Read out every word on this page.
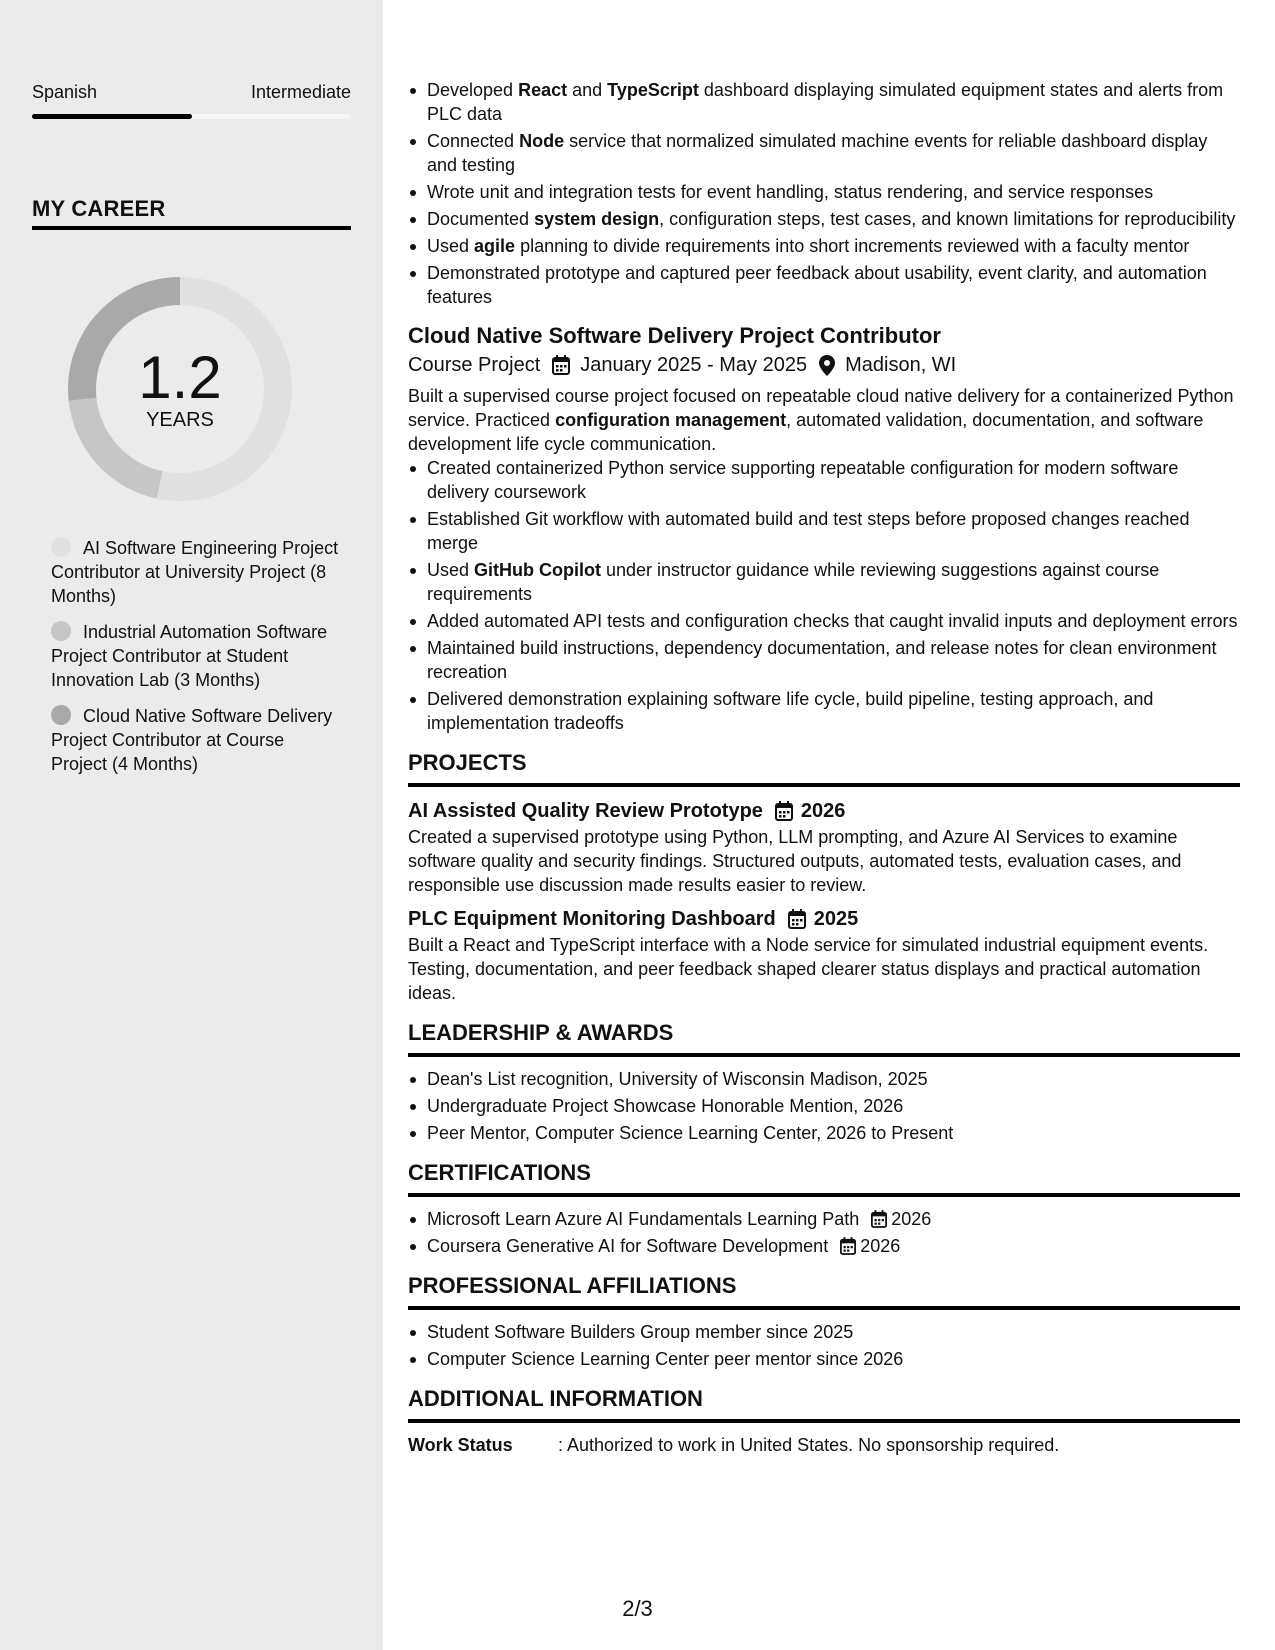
Spanish	Intermediate
MY CAREER
1.2
YEARS
AI Software Engineering Project Contributor at University Project (8 Months)
Industrial Automation Software Project Contributor at Student Innovation Lab (3 Months)
Cloud Native Software Delivery Project Contributor at Course Project (4 Months)
Developed React and TypeScript dashboard displaying simulated equipment states and alerts from PLC data
Connected Node service that normalized simulated machine events for reliable dashboard display and testing
Wrote unit and integration tests for event handling, status rendering, and service responses
Documented system design, configuration steps, test cases, and known limitations for reproducibility
Used agile planning to divide requirements into short increments reviewed with a faculty mentor
Demonstrated prototype and captured peer feedback about usability, event clarity, and automation features
Cloud Native Software Delivery Project Contributor
Course Project January 2025 - May 2025 Madison, WI
Built a supervised course project focused on repeatable cloud native delivery for a containerized Python service. Practiced configuration management, automated validation, documentation, and software development life cycle communication.
Created containerized Python service supporting repeatable configuration for modern software delivery coursework
Established Git workflow with automated build and test steps before proposed changes reached merge
Used GitHub Copilot under instructor guidance while reviewing suggestions against course requirements
Added automated API tests and configuration checks that caught invalid inputs and deployment errors
Maintained build instructions, dependency documentation, and release notes for clean environment recreation
Delivered demonstration explaining software life cycle, build pipeline, testing approach, and implementation tradeoffs
PROJECTS
AI Assisted Quality Review Prototype 2026
Created a supervised prototype using Python, LLM prompting, and Azure AI Services to examine software quality and security findings. Structured outputs, automated tests, evaluation cases, and responsible use discussion made results easier to review.
PLC Equipment Monitoring Dashboard 2025
Built a React and TypeScript interface with a Node service for simulated industrial equipment events. Testing, documentation, and peer feedback shaped clearer status displays and practical automation ideas.
LEADERSHIP & AWARDS
Dean's List recognition, University of Wisconsin Madison, 2025
Undergraduate Project Showcase Honorable Mention, 2026
Peer Mentor, Computer Science Learning Center, 2026 to Present
CERTIFICATIONS
Microsoft Learn Azure AI Fundamentals Learning Path 2026
Coursera Generative AI for Software Development 2026
PROFESSIONAL AFFILIATIONS
Student Software Builders Group member since 2025
Computer Science Learning Center peer mentor since 2026
ADDITIONAL INFORMATION
Work Status	: Authorized to work in United States. No sponsorship required.
2/3
